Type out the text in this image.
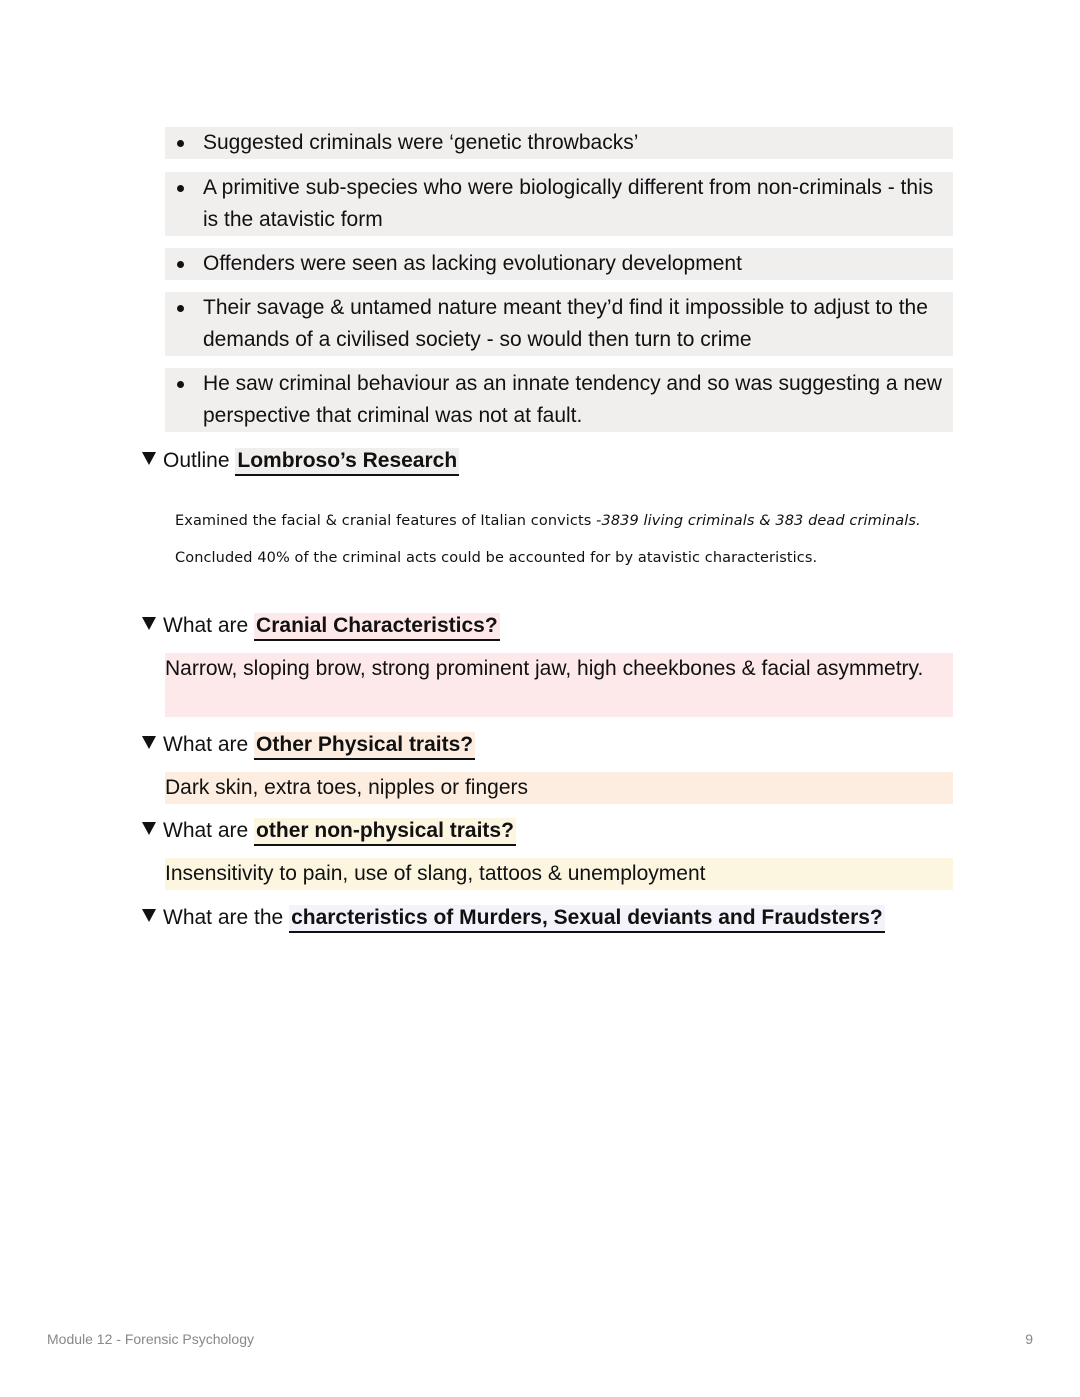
Suggested criminals were ‘genetic throwbacks’
A primitive sub-species who were biologically different from non-criminals - this is the atavistic form
Offenders were seen as lacking evolutionary development
Their savage & untamed nature meant they’d find it impossible to adjust to the demands of a civilised society - so would then turn to crime
He saw criminal behaviour as an innate tendency and so was suggesting a new perspective that criminal was not at fault.
Outline Lombroso’s Research
Examined the facial & cranial features of Italian convicts -3839 living criminals & 383 dead criminals.
Concluded 40% of the criminal acts could be accounted for by atavistic characteristics.
What are Cranial Characteristics?
Narrow, sloping brow, strong prominent jaw, high cheekbones & facial asymmetry.
What are Other Physical traits?
Dark skin, extra toes, nipples or fingers
What are other non-physical traits?
Insensitivity to pain, use of slang, tattoos & unemployment
What are the charcteristics of Murders, Sexual deviants and Fraudsters?
Module 12 - Forensic Psychology	9
